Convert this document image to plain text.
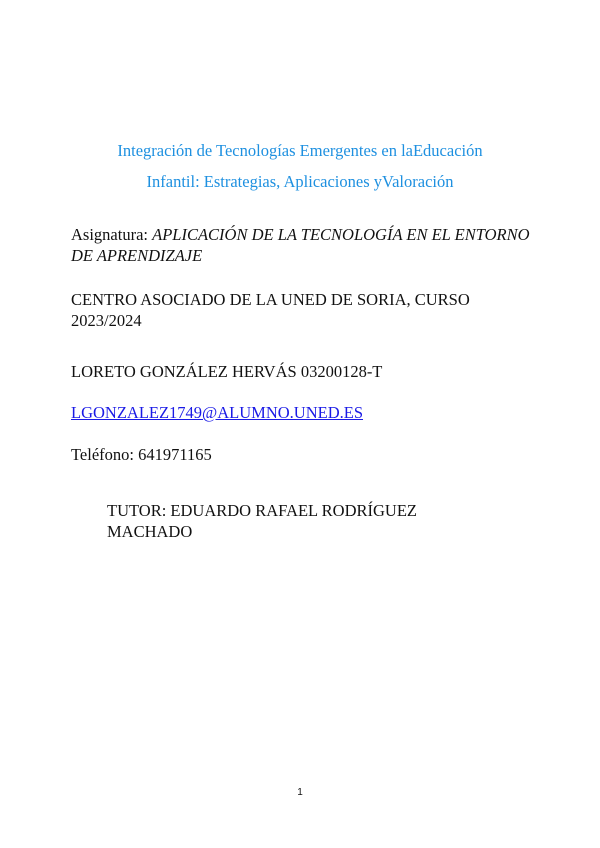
Integración de Tecnologías Emergentes en laEducación
Infantil: Estrategias, Aplicaciones yValoración
Asignatura: APLICACIÓN DE LA TECNOLOGÍA EN EL ENTORNO DE APRENDIZAJE
CENTRO ASOCIADO DE LA UNED DE SORIA, CURSO 2023/2024
LORETO GONZÁLEZ HERVÁS 03200128-T
LGONZALEZ1749@ALUMNO.UNED.ES
Teléfono: 641971165
TUTOR: EDUARDO RAFAEL RODRÍGUEZ MACHADO
1
